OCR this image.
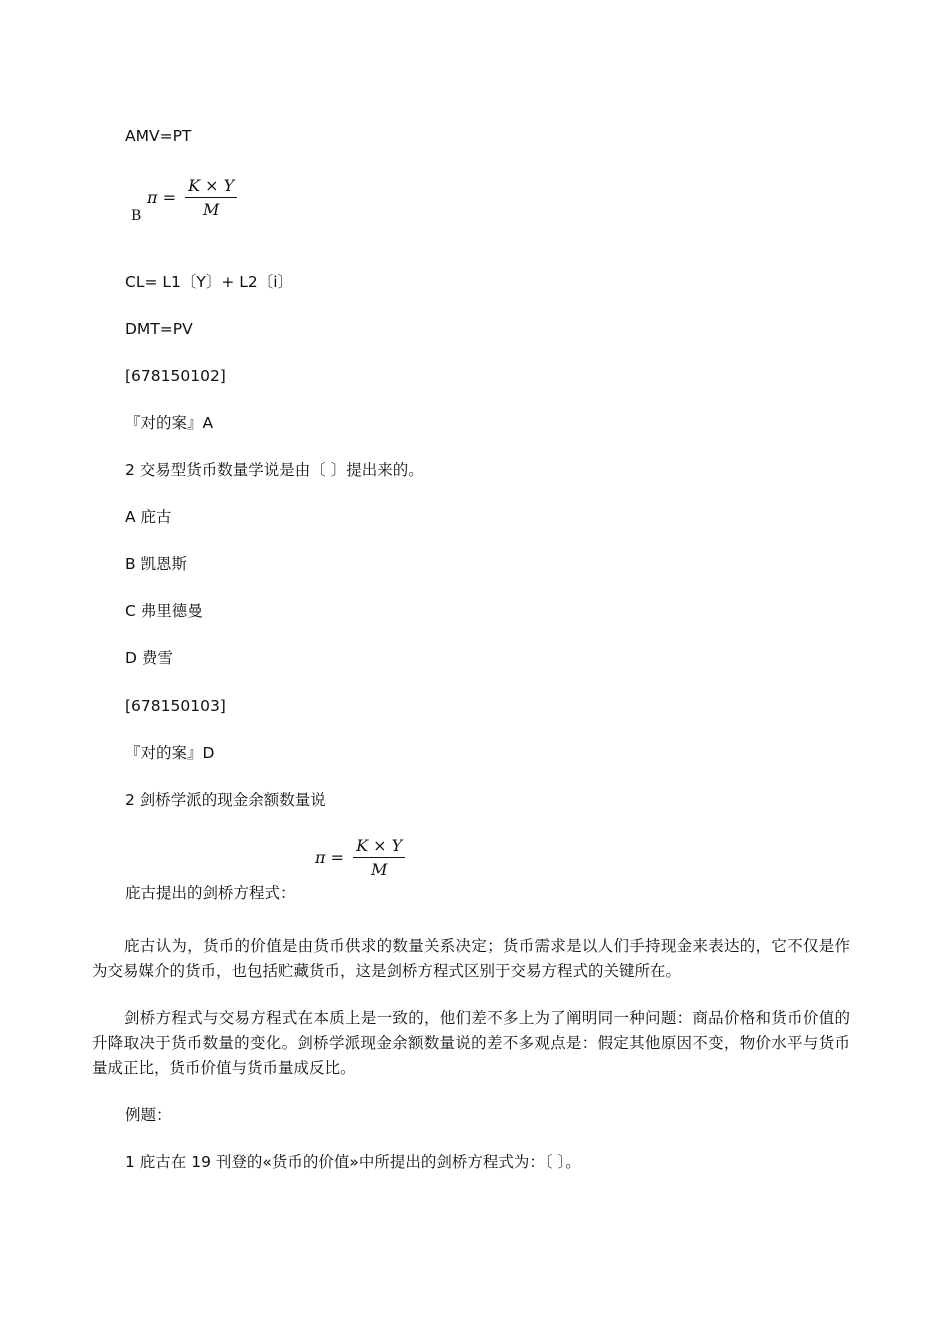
AMV=PT
B
$\pi = \frac{K \times Y}{M}$
CL= L1〔Y〕+ L2〔i〕
DMT=PV
[678150102]
『对的案』A
2 交易型货币数量学说是由〔 〕提出来的。
A 庇古
B 凯恩斯
C 弗里德曼
D 费雪
[678150103]
『对的案』D
2 剑桥学派的现金余额数量说
$\pi = \frac{K \times Y}{M}$
庇古提出的剑桥方程式：
庇古认为，货币的价值是由货币供求的数量关系决定；货币需求是以人们手持现金来表达的，它不仅是作为交易媒介的货币，也包括贮藏货币，这是剑桥方程式区别于交易方程式的关键所在。
剑桥方程式与交易方程式在本质上是一致的，他们差不多上为了阐明同一种问题：商品价格和货币价值的升降取决于货币数量的变化。剑桥学派现金余额数量说的差不多观点是：假定其他原因不变，物价水平与货币量成正比，货币价值与货币量成反比。
例题：
1 庇古在 19 刊登的«货币的价值»中所提出的剑桥方程式为：〔 〕。
